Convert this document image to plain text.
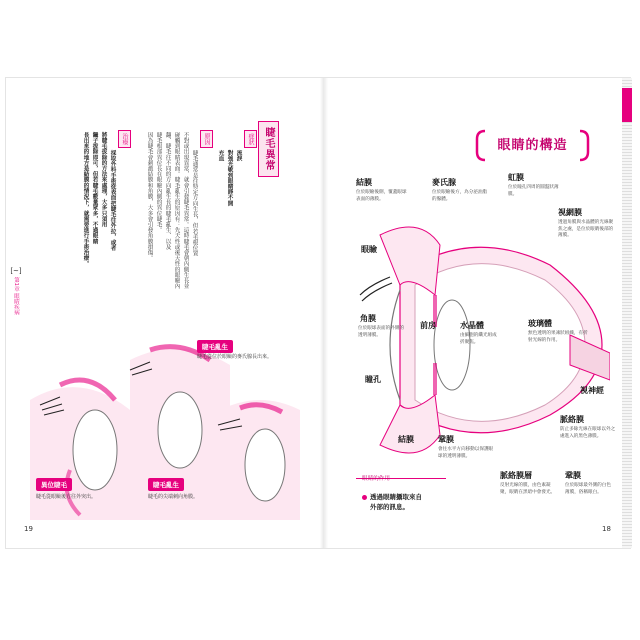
[~]
第1章 眼睛疾病
睫毛異常
症狀
流淚
對強光敏到眼睛睜不開
充血
原因
睫毛通常是往特定方向生長，但若毛根位置
不對或出現異常，就會引發睫毛異常。這時睫毛會朝內側生長並
碰觸到眼睛表面。睫毛亂生的原因有：先天性或後天性的眼瞼內
翻、睫毛往不同的方向亂生長的睫毛亂生、以及
睫毛根部異位長在眼瞼內側的異位睫毛。
因為睫毛會刺激結膜和角膜，大多會引發角膜損傷。
治療
採取外科手術從表面把睫毛往外拉，或者
將睫毛拔除的方法來處理，大多只須用
鑷子拔除即可，但若睫毛數量眾多，不過眼睛
長出來的地方是結膜的情況下，就需要進行手術治療。
睫毛亂生
睫毛從位於眼瞼的麥氏腺長出來。
異位睫毛
睫毛從眼瞼後方往外突出。
睫毛亂生
睫毛的尖端刺向角膜。
19
眼睛的構造
結膜
位於眼瞼後側，覆蓋眼球表面的薄膜。
麥氏腺
位於眼瞼後方，為分泌油脂的腺體。
虹膜
位於瞳孔四周的圓盤狀薄膜。
視網膜
透過角膜與水晶體的光線聚焦之處，是位於眼睛後部的薄膜。
眼瞼
角膜
位於眼球表面的外側的透明薄膜。
前房	水晶體
由細胞的纖光組成折聚焦。
玻璃體
無色透明的果凍狀組織，有折射光線的作用。
視神經
瞳孔
脈絡膜
防止多餘光線在眼球以外之處進入的黑色薄膜。
結膜	鞏膜
會往水平方向移動以保護眼球的透明薄膜。
脈絡膜層
反射光線的膜，由色素凝聚，眼睛在黑暗中會發光。
鞏膜
位於眼球最外側的白色薄膜，俗稱眼白。
眼睛的作用
透過眼睛攝取來自
外部的訊息。
18
